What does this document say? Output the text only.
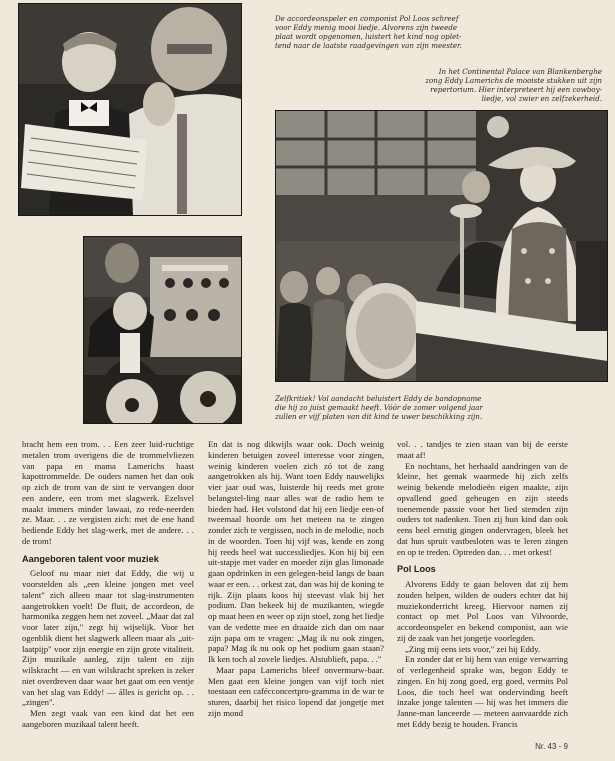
De accordeonspeler en componist Pol Loos schreef
voor Eddy menig mooi liedje. Alvorens zijn tweede
plaat wordt opgenomen, luistert het kind nog oplet-
tend naar de laatste raadgevingen van zijn meester.
In het Continental Palace van Blankenberghe
zong Eddy Lamerichs de mooiste stukken uit zijn
repertorium. Hier interpreteert hij een cowboy-
liedje, vol zwier en zelfzekerheid.
Zelfkritiek! Vol aandacht beluistert Eddy de bandopname
die hij zo juist gemaakt heeft. Vóór de zomer volgend jaar
zullen er vijf platen van dit kind te uwer beschikking zijn.

bracht hem een trom. . . Een zeer luid-ruchtige metalen trom overigens die de trommelvliezen van papa en mama Lamerichs haast kapottrommelde. De ouders namen het dan ook op zich de trom van de sint te vervangen door een andere, een trom met slagwerk. Ezelsvel maakt immers minder lawaai, zo rede-neerden ze. Maar. . . ze vergisten zich: met de ene hand bediende Eddy het slag-werk, met de andere. . . de trom!

Aangeboren talent voor muziek

Geloof nu maar niet dat Eddy, die wij u voorstelden als „een kleine jongen met veel talent" zich alleen maar tot slag-instrumenten aangetrokken voelt! De fluit, de accordeon, de harmonika zeggen hem net zoveel. „Maar dat zal voor later zijn," zegt hij wijselijk. Voor het ogenblik dient het slagwerk alleen maar als „uit-laatpijp" voor zijn energie en zijn grote vitaliteit. Zijn muzikale aanleg, zijn talent en zijn wilskracht — en van wilskracht spreken is zeker niet overdreven daar waar het gaat om een ventje van het slag van Eddy! — álles is gericht op. . . „zingen".

Men zegt vaak van een kind dat het een aangeboren muzikaal talent heeft.

En dat is nog dikwijls waar ook. Doch weinig kinderen betuigen zoveel interesse voor zingen, weinig kinderen voelen zich zó tot de zang aangetrokken als hij. Want toen Eddy nauwelijks vier jaar oud was, luisterde hij reeds met grote belangstel-ling naar alles wat de radio hem te bieden had. Het volstond dat hij een liedje een-of tweemaal hoorde om het meteen na te zingen zonder zich te vergissen, noch in de melodie, noch in de woorden. Toen hij vijf was, kende en zong hij reeds heel wat successliedjes. Kon hij bij een uit-stapje met vader en moeder zijn glas limonade gaan opdrinken in een gelegen-heid langs de baan waar er een. . . orkest zat, dan was hij de koning te rijk. Zijn plaats koos hij steevast vlak bij het podium. Dan bekeek hij de muzikanten, wiegde op maat heen en weer op zijn stoel, zong het liedje van de vedette mee en draaide zich dan om naar zijn papa om te vragen: „Mag ik nu ook zingen, papa? Mag ik nu ook op het podium gaan staan? Ik ken toch al zovele liedjes. Alstublieft, papa. . ."

Maar papa Lamerichs bleef onvermurw-baar. Men gaat een kleine jongen van vijf toch niet toestaan een cafécconcertpro-gramma in de war te sturen, daarbij het risico lopend dat jongetje met zijn mond

vol. . . tandjes te zien staan van bij de eerste maat af!

En nochtans, het herhaald aandringen van de kleine, het gemak waarmede hij zich zelfs weinig bekende melodieën eigen maakte, zijn opvallend goed geheugen en zijn steeds toenemende passie voor het lied stemden zijn ouders tot nadenken. Toen zij hun kind dan ook eens heel ernstig gingen ondervragen, bleek het dat hun spruit vastbesloten was te leren zingen en op te treden. Optreden dan. . . met orkest!

Pol Loos

Alvorens Eddy te gaan beloven dat zij hem zouden helpen, wilden de ouders echter dat hij muziekonderricht kreeg. Hiervoor namen zij contact op met Pol Loos van Vilvoorde, accordeonspeler en bekend componist, aan wie zij de zaak van het jongetje voorlegden.

„Zing mij eens iets voor," zei hij Eddy.

En zonder dat er bij hem van enige verwarring of verlegenheid sprake was, begon Eddy te zingen. En hij zong goed, erg goed, vermits Pol Loos, die toch heel wat ondervinding heeft inzake jonge talenten — hij was het immers die Janne-man lanceerde — meteen aanvaardde zich met Eddy bezig te houden. Francis

Nr. 43 - 9
